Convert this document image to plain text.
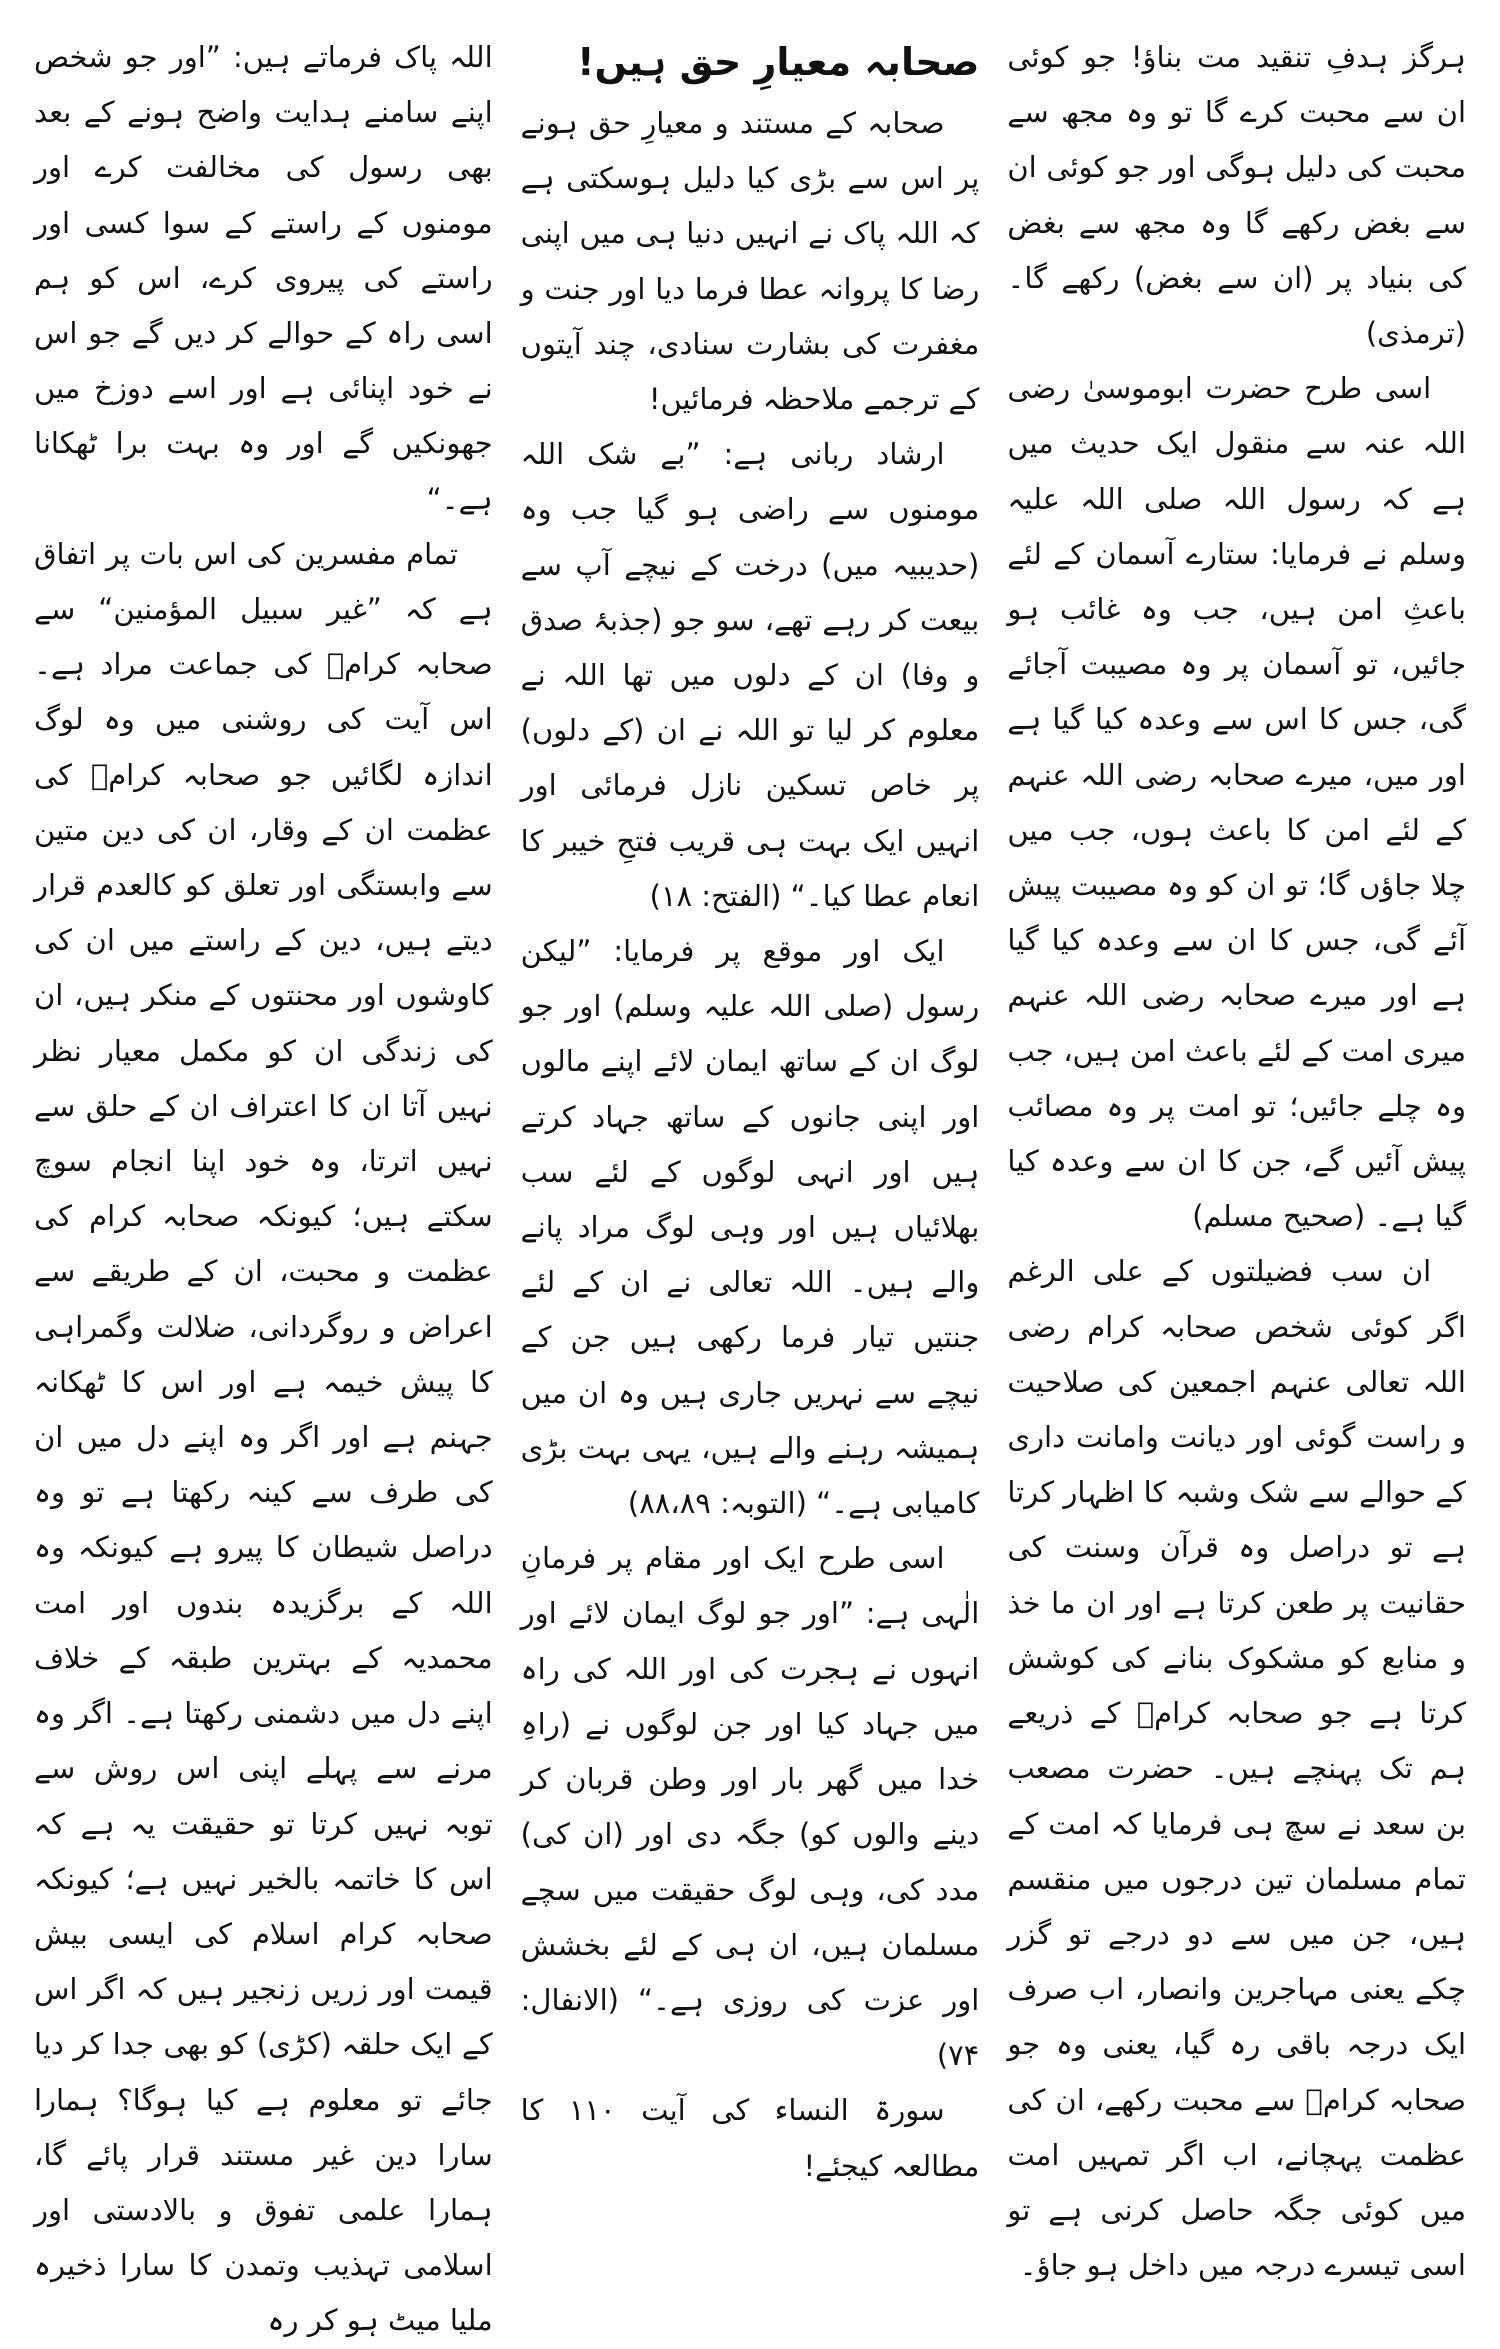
ہرگز ہدفِ تنقید مت بناؤ! جو کوئی ان سے محبت کرے گا تو وہ مجھ سے محبت کی دلیل ہوگی اور جو کوئی ان سے بغض رکھے گا وہ مجھ سے بغض کی بنیاد پر (ان سے بغض) رکھے گا۔ (ترمذی)

اسی طرح حضرت ابوموسیٰ رضی اللہ عنہ سے منقول ایک حدیث میں ہے کہ رسول اللہ صلی اللہ علیہ وسلم نے فرمایا: ستارے آسمان کے لئے باعثِ امن ہیں، جب وہ غائب ہو جائیں، تو آسمان پر وہ مصیبت آجائے گی، جس کا اس سے وعدہ کیا گیا ہے اور میں، میرے صحابہ رضی اللہ عنہم کے لئے امن کا باعث ہوں، جب میں چلا جاؤں گا؛ تو ان کو وہ مصیبت پیش آئے گی، جس کا ان سے وعدہ کیا گیا ہے اور میرے صحابہ رضی اللہ عنہم میری امت کے لئے باعث امن ہیں، جب وہ چلے جائیں؛ تو امت پر وہ مصائب پیش آئیں گے، جن کا ان سے وعدہ کیا گیا ہے۔ (صحیح مسلم)

ان سب فضیلتوں کے علی الرغم اگر کوئی شخص صحابہ کرام رضی اللہ تعالی عنہم اجمعین کی صلاحیت و راست گوئی اور دیانت وامانت داری کے حوالے سے شک وشبہ کا اظہار کرتا ہے تو دراصل وہ قرآن وسنت کی حقانیت پر طعن کرتا ہے اور ان ما خذ و منابع کو مشکوک بنانے کی کوشش کرتا ہے جو صحابہ کرامؓ کے ذریعے ہم تک پہنچے ہیں۔ حضرت مصعب بن سعد نے سچ ہی فرمایا کہ امت کے تمام مسلمان تین درجوں میں منقسم ہیں، جن میں سے دو درجے تو گزر چکے یعنی مہاجرین وانصار، اب صرف ایک درجہ باقی رہ گیا، یعنی وہ جو صحابہ کرامؓ سے محبت رکھے، ان کی عظمت پہچانے، اب اگر تمہیں امت میں کوئی جگہ حاصل کرنی ہے تو اسی تیسرے درجہ میں داخل ہو جاؤ۔

صحابہ معیارِ حق ہیں!

صحابہ کے مستند و معیارِ حق ہونے پر اس سے بڑی کیا دلیل ہوسکتی ہے کہ اللہ پاک نے انہیں دنیا ہی میں اپنی رضا کا پروانہ عطا فرما دیا اور جنت و مغفرت کی بشارت سنادی، چند آیتوں کے ترجمے ملاحظہ فرمائیں!

ارشاد ربانی ہے: ”بے شک اللہ مومنوں سے راضی ہو گیا جب وہ (حدیبیہ میں) درخت کے نیچے آپ سے بیعت کر رہے تھے، سو جو (جذبۂ صدق و وفا) ان کے دلوں میں تھا اللہ نے معلوم کر لیا تو اللہ نے ان (کے دلوں) پر خاص تسکین نازل فرمائی اور انہیں ایک بہت ہی قریب فتحِ خیبر کا انعام عطا کیا۔“ (الفتح: ۱۸)

ایک اور موقع پر فرمایا: ”لیکن رسول (صلی اللہ علیہ وسلم) اور جو لوگ ان کے ساتھ ایمان لائے اپنے مالوں اور اپنی جانوں کے ساتھ جہاد کرتے ہیں اور انہی لوگوں کے لئے سب بھلائیاں ہیں اور وہی لوگ مراد پانے والے ہیں۔ اللہ تعالی نے ان کے لئے جنتیں تیار فرما رکھی ہیں جن کے نیچے سے نہریں جاری ہیں وہ ان میں ہمیشہ رہنے والے ہیں، یہی بہت بڑی کامیابی ہے۔“ (التوبہ: ۸۸،۸۹)

اسی طرح ایک اور مقام پر فرمانِ الٰہی ہے: ”اور جو لوگ ایمان لائے اور انہوں نے ہجرت کی اور اللہ کی راہ میں جہاد کیا اور جن لوگوں نے (راہِ خدا میں گھر بار اور وطن قربان کر دینے والوں کو) جگہ دی اور (ان کی) مدد کی، وہی لوگ حقیقت میں سچے مسلمان ہیں، ان ہی کے لئے بخشش اور عزت کی روزی ہے۔“ (الانفال: ۷۴)

سورۃ النساء کی آیت ۱۱۰ کا مطالعہ کیجئے!

اللہ پاک فرماتے ہیں: ”اور جو شخص اپنے سامنے ہدایت واضح ہونے کے بعد بھی رسول کی مخالفت کرے اور مومنوں کے راستے کے سوا کسی اور راستے کی پیروی کرے، اس کو ہم اسی راہ کے حوالے کر دیں گے جو اس نے خود اپنائی ہے اور اسے دوزخ میں جھونکیں گے اور وہ بہت برا ٹھکانا ہے۔“

تمام مفسرین کی اس بات پر اتفاق ہے کہ ”غیر سبیل المؤمنین“ سے صحابہ کرامؓ کی جماعت مراد ہے۔ اس آیت کی روشنی میں وہ لوگ اندازہ لگائیں جو صحابہ کرامؓ کی عظمت ان کے وقار، ان کی دین متین سے وابستگی اور تعلق کو کالعدم قرار دیتے ہیں، دین کے راستے میں ان کی کاوشوں اور محنتوں کے منکر ہیں، ان کی زندگی ان کو مکمل معیار نظر نہیں آتا ان کا اعتراف ان کے حلق سے نہیں اترتا، وہ خود اپنا انجام سوچ سکتے ہیں؛ کیونکہ صحابہ کرام کی عظمت و محبت، ان کے طریقے سے اعراض و روگردانی، ضلالت وگمراہی کا پیش خیمہ ہے اور اس کا ٹھکانہ جہنم ہے اور اگر وہ اپنے دل میں ان کی طرف سے کینہ رکھتا ہے تو وہ دراصل شیطان کا پیرو ہے کیونکہ وہ اللہ کے برگزیدہ بندوں اور امت محمدیہ کے بہترین طبقہ کے خلاف اپنے دل میں دشمنی رکھتا ہے۔ اگر وہ مرنے سے پہلے اپنی اس روش سے توبہ نہیں کرتا تو حقیقت یہ ہے کہ اس کا خاتمہ بالخیر نہیں ہے؛ کیونکہ صحابہ کرام اسلام کی ایسی بیش قیمت اور زریں زنجیر ہیں کہ اگر اس کے ایک حلقہ (کڑی) کو بھی جدا کر دیا جائے تو معلوم ہے کیا ہوگا؟ ہمارا سارا دین غیر مستند قرار پائے گا، ہمارا علمی تفوق و بالادستی اور اسلامی تہذیب وتمدن کا سارا ذخیرہ ملیا میٹ ہو کر رہ
